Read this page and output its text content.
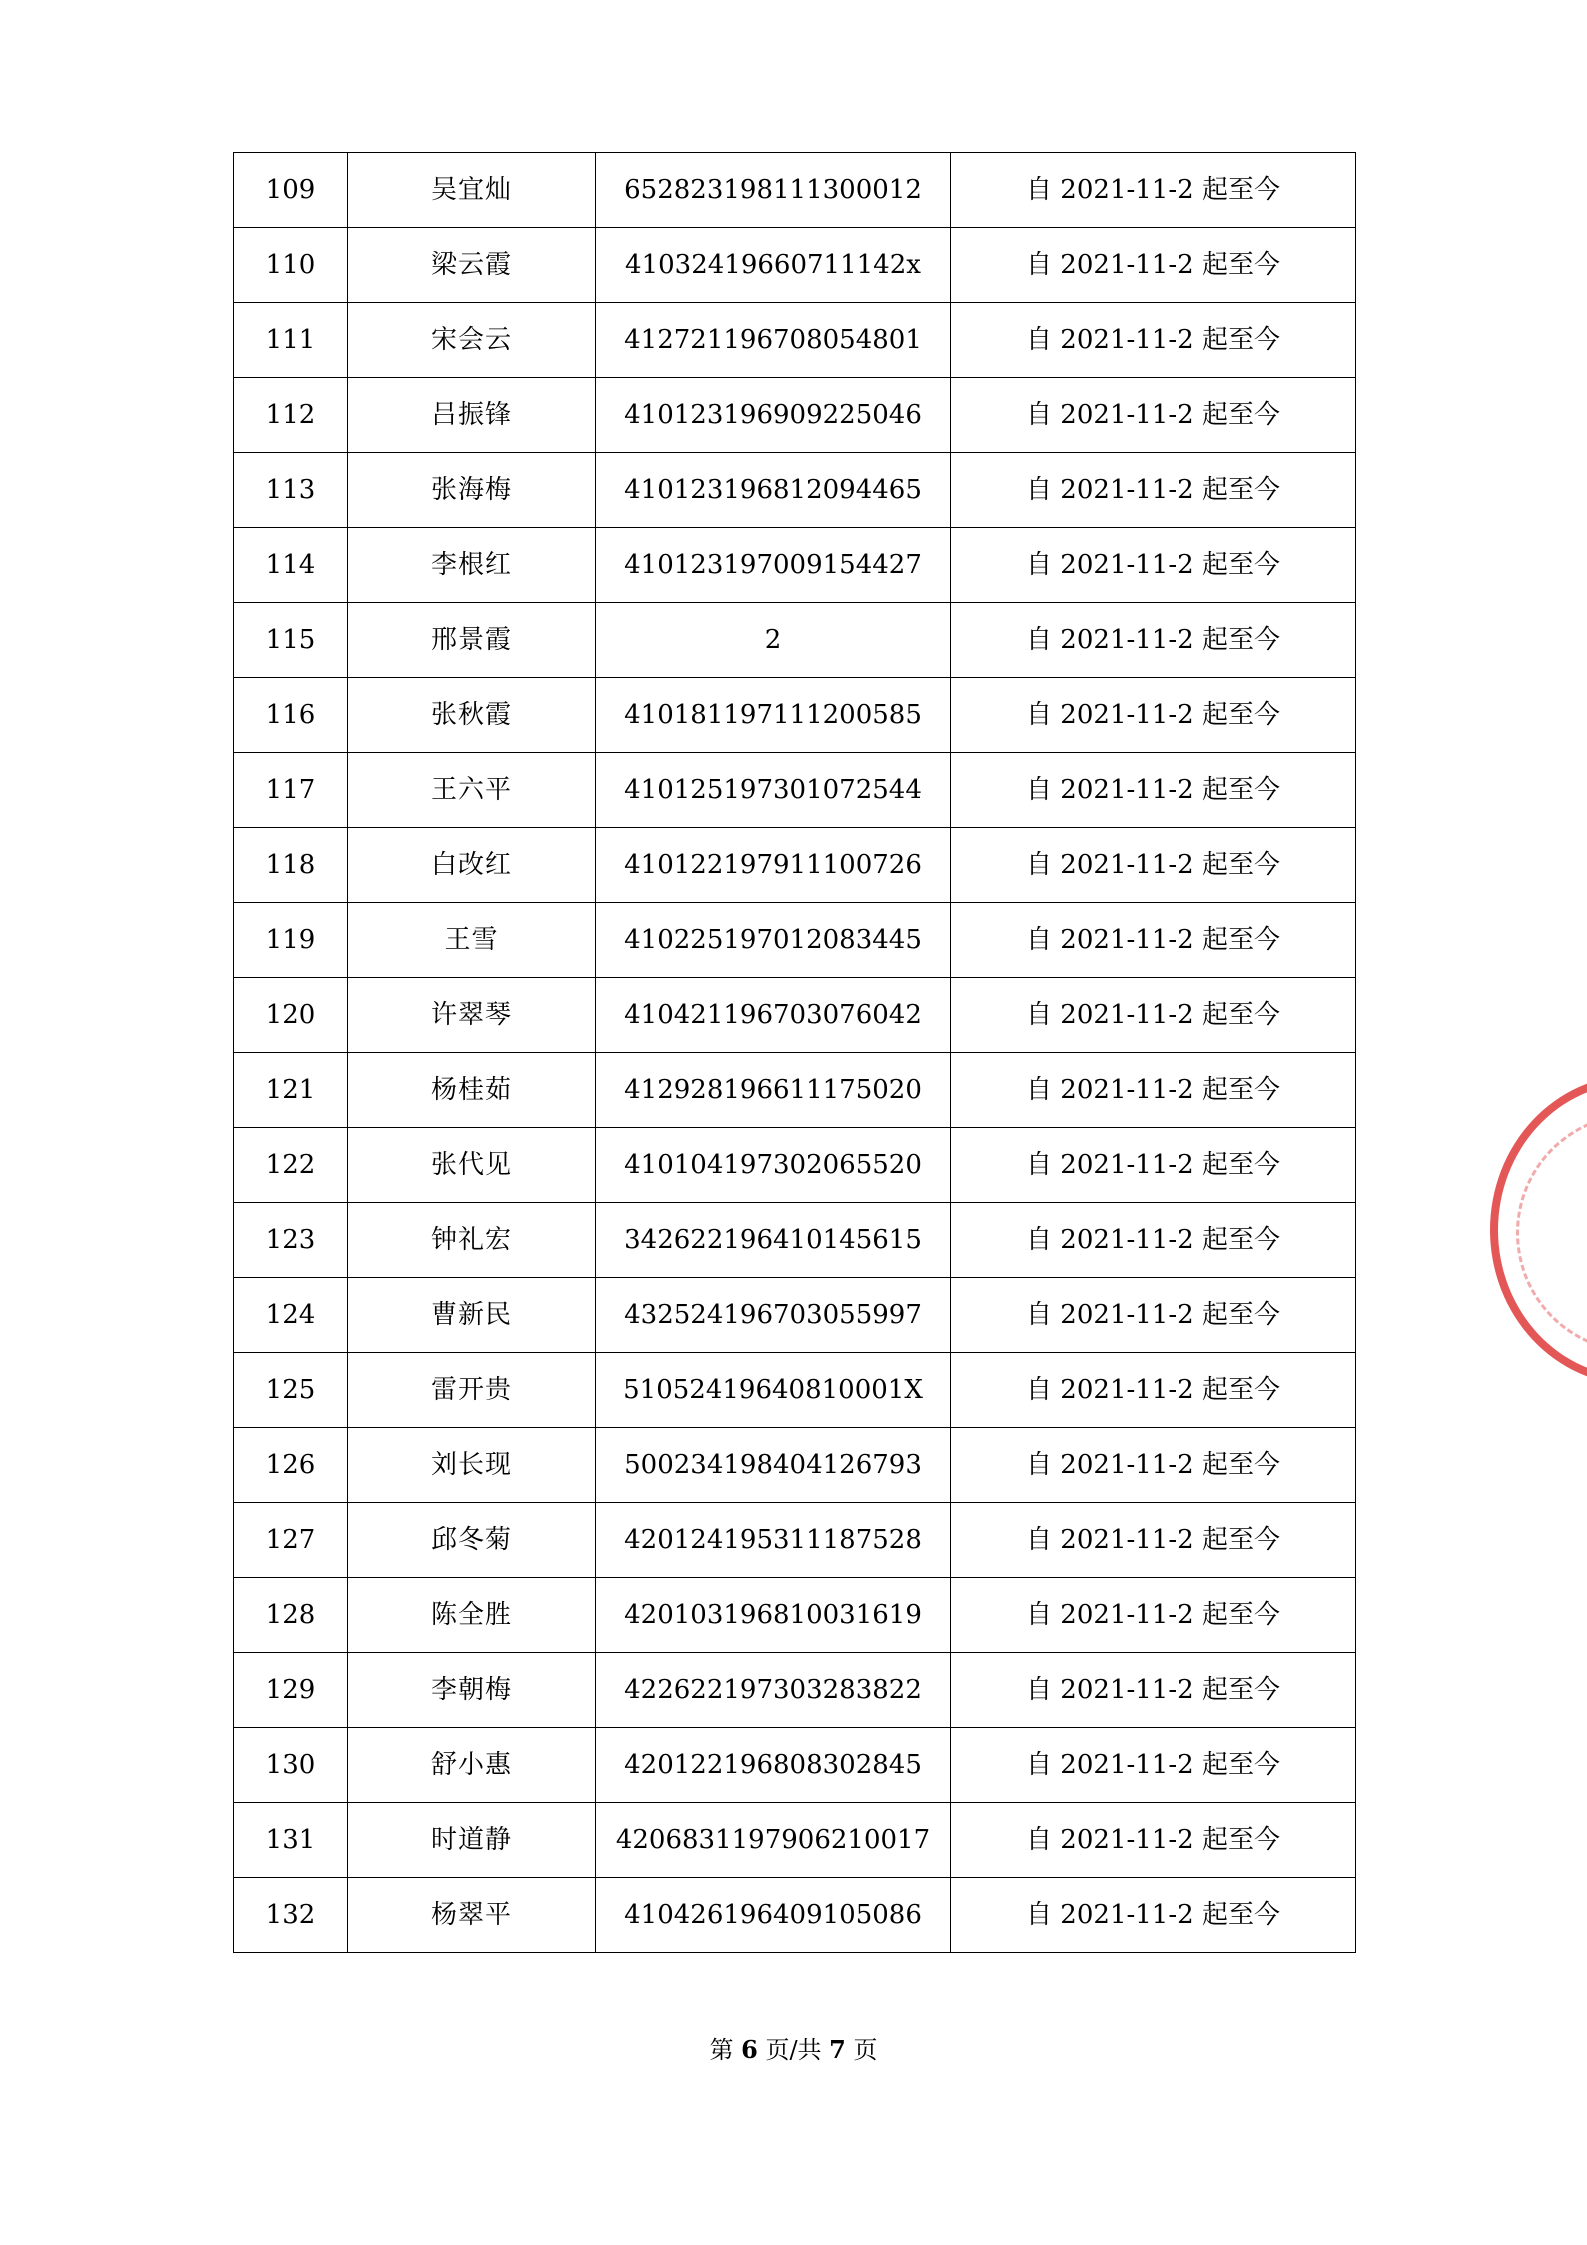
109	吴宜灿	652823198111300012	自 2021-11-2 起至今
110	梁云霞	41032419660711142x	自 2021-11-2 起至今
111	宋会云	412721196708054801	自 2021-11-2 起至今
112	吕振锋	410123196909225046	自 2021-11-2 起至今
113	张海梅	410123196812094465	自 2021-11-2 起至今
114	李根红	410123197009154427	自 2021-11-2 起至今
115	邢景霞	2	自 2021-11-2 起至今
116	张秋霞	410181197111200585	自 2021-11-2 起至今
117	王六平	410125197301072544	自 2021-11-2 起至今
118	白改红	410122197911100726	自 2021-11-2 起至今
119	王雪	410225197012083445	自 2021-11-2 起至今
120	许翠琴	410421196703076042	自 2021-11-2 起至今
121	杨桂茹	412928196611175020	自 2021-11-2 起至今
122	张代见	410104197302065520	自 2021-11-2 起至今
123	钟礼宏	342622196410145615	自 2021-11-2 起至今
124	曹新民	432524196703055997	自 2021-11-2 起至今
125	雷开贵	51052419640810001X	自 2021-11-2 起至今
126	刘长现	500234198404126793	自 2021-11-2 起至今
127	邱冬菊	420124195311187528	自 2021-11-2 起至今
128	陈全胜	420103196810031619	自 2021-11-2 起至今
129	李朝梅	422622197303283822	自 2021-11-2 起至今
130	舒小惠	420122196808302845	自 2021-11-2 起至今
131	时道静	4206831197906210017	自 2021-11-2 起至今
132	杨翠平	410426196409105086	自 2021-11-2 起至今
第 6 页/共 7 页
